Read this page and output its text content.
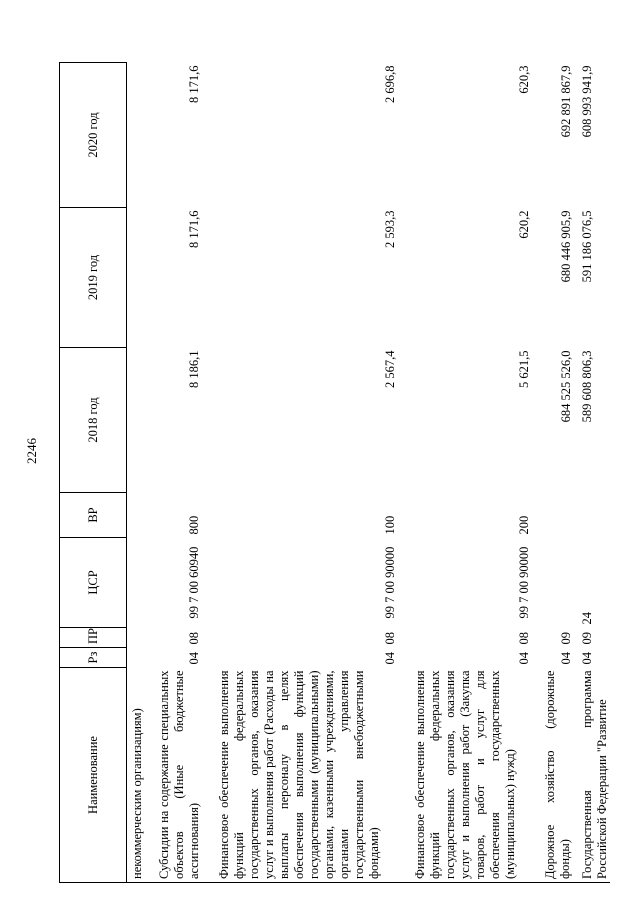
2246
Наименование	Рз	ПР	ЦСР	ВР	2018 год	2019 год	2020 год
некоммерческим организациям)							
Субсидии на содержание специальных объектов (Иные бюджетные ассигнования)	04	08	99 7 00 60940	800	8 186,1	8 171,6	8 171,6
Финансовое обеспечение выполнения функций федеральных государственных органов, оказания услуг и выполнения работ (Расходы на выплаты персоналу в целях обеспечения выполнения функций государственными (муниципальными) органами, казенными учреждениями, органами управления государственными внебюджетными фондами)	04	08	99 7 00 90000	100	2 567,4	2 593,3	2 696,8
Финансовое обеспечение выполнения функций федеральных государственных органов, оказания услуг и выполнения работ (Закупка товаров, работ и услуг для обеспечения государственных (муниципальных) нужд)	04	08	99 7 00 90000	200	5 621,5	620,2	620,3
Дорожное хозяйство (дорожные фонды)	04	09			684 525 526,0	680 446 905,9	692 891 867,9
Государственная программа Российской Федерации "Развитие	04	09	24		589 608 806,3	591 186 076,5	608 993 941,9
